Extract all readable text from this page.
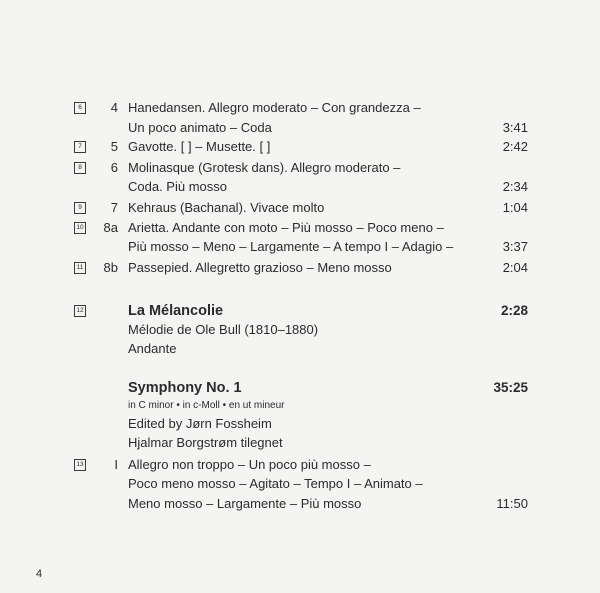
6	4 Hanedansen. Allegro moderato – Con grandezza –
Un poco animato – Coda	3:41
7	5 Gavotte. [ ] – Musette. [ ]	2:42
8	6 Molinasque (Grotesk dans). Allegro moderato –
Coda. Più mosso	2:34
9	7 Kehraus (Bachanal). Vivace molto	1:04
10	8a Arietta. Andante con moto – Più mosso – Poco meno –
Più mosso – Meno – Largamente – A tempo I – Adagio –	3:37
11	8b Passepied. Allegretto grazioso – Meno mosso	2:04
12	La Mélancolie	2:28
Mélodie de Ole Bull (1810–1880)
Andante
Symphony No. 1	35:25
in C minor • in c-Moll • en ut mineur
Edited by Jørn Fossheim
Hjalmar Borgstrøm tilegnet
13	I Allegro non troppo – Un poco più mosso –
Poco meno mosso – Agitato – Tempo I – Animato –
Meno mosso – Largamente – Più mosso	11:50
4
